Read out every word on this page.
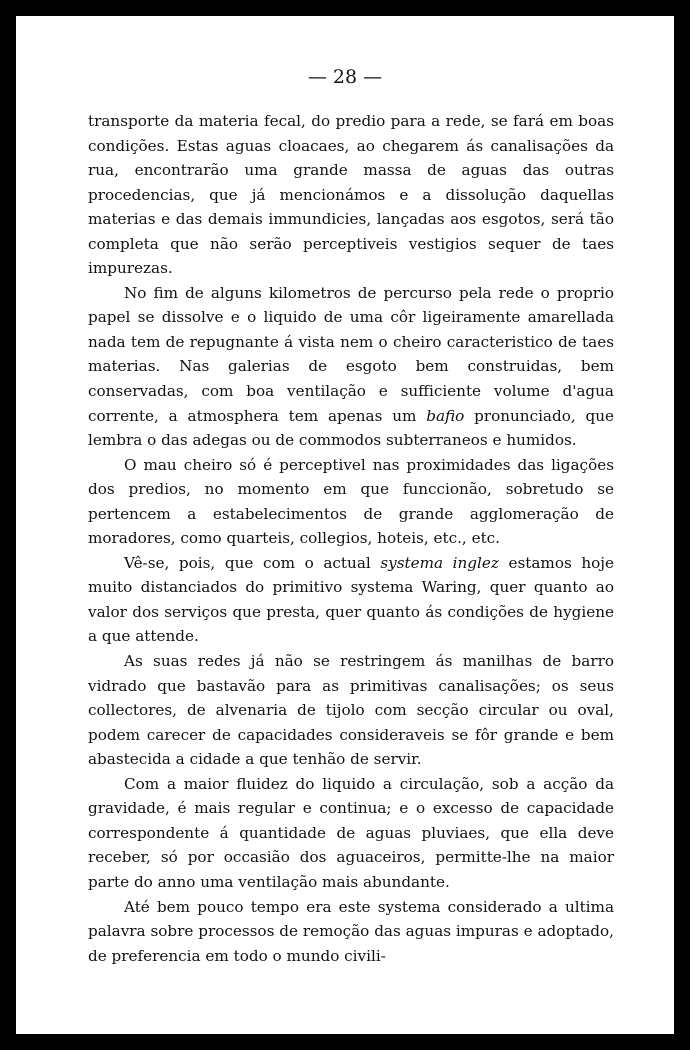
— 28 —

transporte da materia fecal, do predio para a rede, se fará em boas condições. Estas aguas cloacaes, ao chegarem ás canalisações da rua, encontrarão uma grande massa de aguas das outras procedencias, que já mencionámos e a dissolução daquellas materias e das demais immundicies, lançadas aos esgotos, será tão completa que não serão perceptiveis vestigios sequer de taes impurezas.

No fim de alguns kilometros de percurso pela rede o proprio papel se dissolve e o liquido de uma côr ligeiramente amarellada nada tem de repugnante á vista nem o cheiro caracteristico de taes materias. Nas galerias de esgoto bem construidas, bem conservadas, com boa ventilação e sufficiente volume d'agua corrente, a atmosphera tem apenas um bafio pronunciado, que lembra o das adegas ou de commodos subterraneos e humidos.

O mau cheiro só é perceptivel nas proximidades das ligações dos predios, no momento em que funccionão, sobretudo se pertencem a estabelecimentos de grande agglomeração de moradores, como quarteis, collegios, hoteis, etc., etc.

Vê-se, pois, que com o actual systema inglez estamos hoje muito distanciados do primitivo systema Waring, quer quanto ao valor dos serviços que presta, quer quanto ás condições de hygiene a que attende.

As suas redes já não se restringem ás manilhas de barro vidrado que bastavão para as primitivas canalisações; os seus collectores, de alvenaria de tijolo com secção circular ou oval, podem carecer de capacidades consideraveis se fôr grande e bem abastecida a cidade a que tenhão de servir.

Com a maior fluidez do liquido a circulação, sob a acção da gravidade, é mais regular e continua; e o excesso de capacidade correspondente á quantidade de aguas pluviaes, que ella deve receber, só por occasião dos aguaceiros, permitte-lhe na maior parte do anno uma ventilação mais abundante.

Até bem pouco tempo era este systema considerado a ultima palavra sobre processos de remoção das aguas impuras e adoptado, de preferencia em todo o mundo civili-
